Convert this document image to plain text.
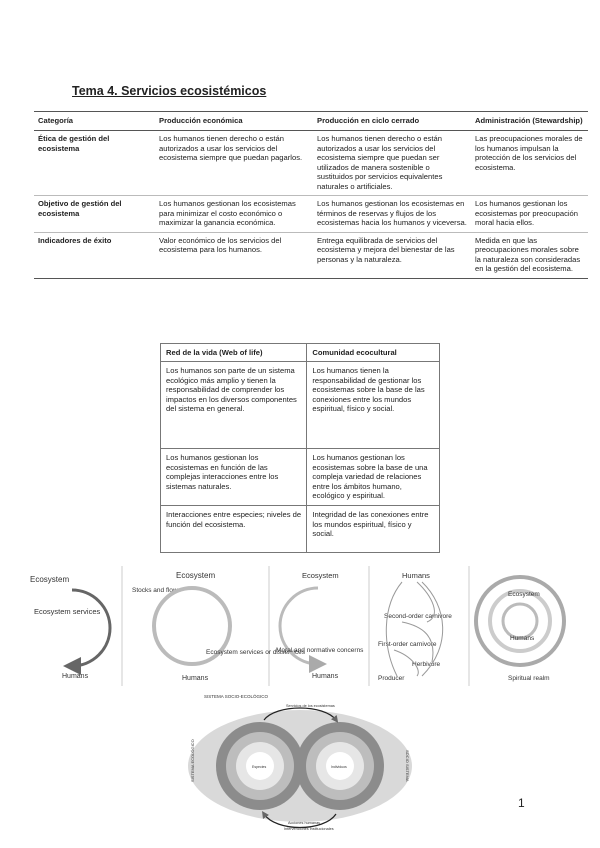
Tema 4. Servicios ecosistémicos
Categoría	Producción económica	Producción en ciclo cerrado	Administración (Stewardship)
Ética de gestión del ecosistema	Los humanos tienen derecho o están autorizados a usar los servicios del ecosistema siempre que puedan pagarlos.	Los humanos tienen derecho o están autorizados a usar los servicios del ecosistema siempre que puedan ser utilizados de manera sostenible o sustituidos por servicios equivalentes naturales o artificiales.	Las preocupaciones morales de los humanos impulsan la protección de los servicios del ecosistema.
Objetivo de gestión del ecosistema	Los humanos gestionan los ecosistemas para minimizar el costo económico o maximizar la ganancia económica.	Los humanos gestionan los ecosistemas en términos de reservas y flujos de los ecosistemas hacia los humanos y viceversa.	Los humanos gestionan los ecosistemas por preocupación moral hacia ellos.
Indicadores de éxito	Valor económico de los servicios del ecosistema para los humanos.	Entrega equilibrada de servicios del ecosistema y mejora del bienestar de las personas y la naturaleza.	Medida en que las preocupaciones morales sobre la naturaleza son consideradas en la gestión del ecosistema.
Red de la vida (Web of life)	Comunidad ecocultural
Los humanos son parte de un sistema ecológico más amplio y tienen la responsabilidad de comprender los impactos en los diversos componentes del sistema en general.	Los humanos tienen la responsabilidad de gestionar los ecosistemas sobre la base de las conexiones entre los mundos espiritual, físico y social.
Los humanos gestionan los ecosistemas en función de las complejas interacciones entre los sistemas naturales.	Los humanos gestionan los ecosistemas sobre la base de una compleja variedad de relaciones entre los ámbitos humano, ecológico y espiritual.
Interacciones entre especies; niveles de función del ecosistema.	Integridad de las conexiones entre los mundos espiritual, físico y social.
Ecosystem
Ecosystem services
Humans
Ecosystem
Stocks and flows
Ecosystem services or disservices
Humans
Ecosystem
Moral and normative concerns
Humans
Humans
Second-order carnivore
First-order carnivore
Herbivore
Producer
Ecosystem
Humans
Spiritual realm
SISTEMA SOCIO-ECOLÓGICO
Especies	Individuos
SISTEMA ECOLÓGICO	SOCIO SISTEMA
Servicios de los ecosistemas
Acciones humanas
Intervenciones institucionales
1
